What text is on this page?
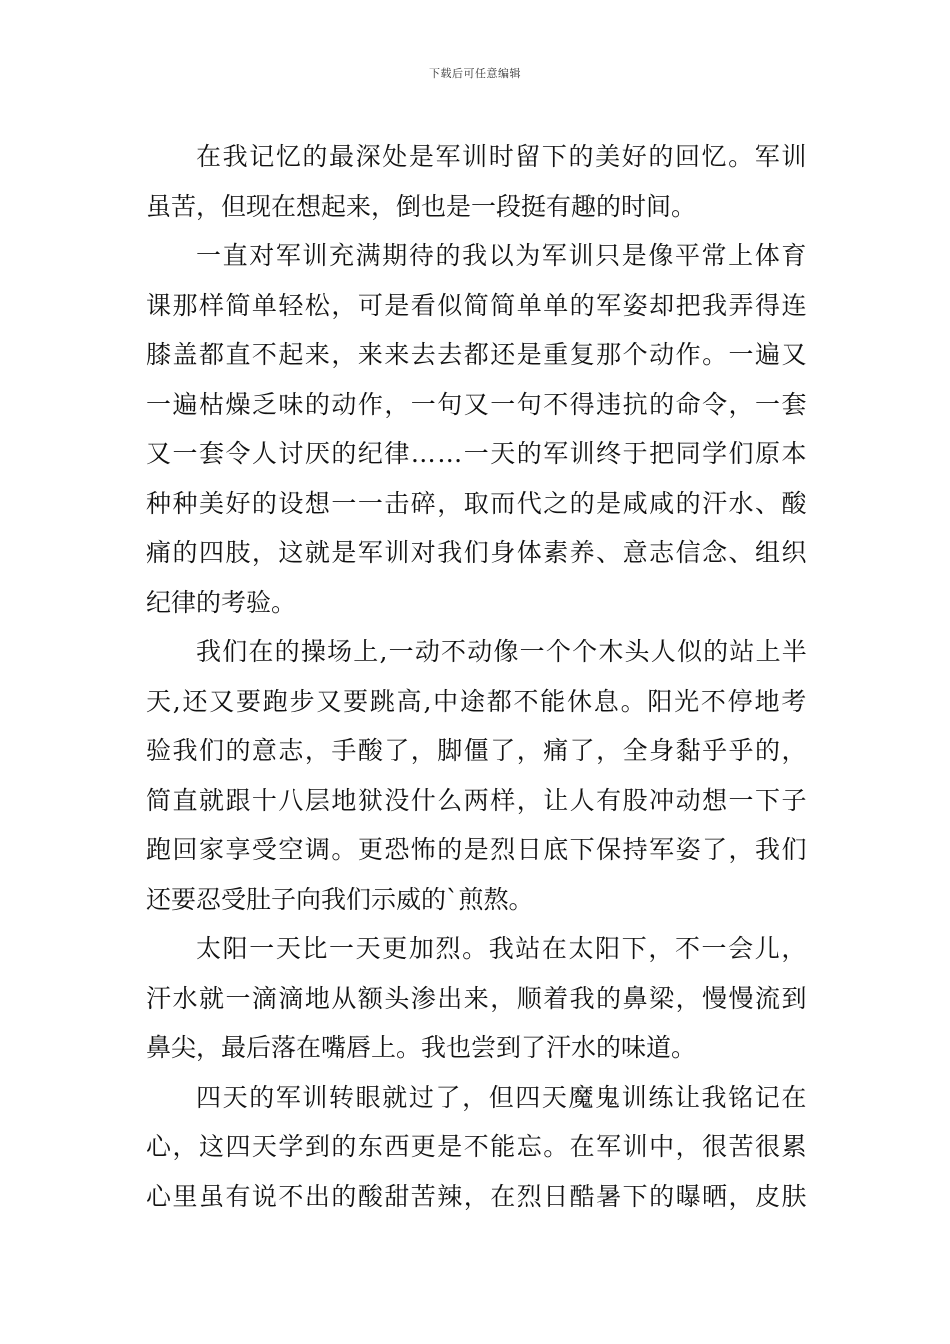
下载后可任意编辑
在我记忆的最深处是军训时留下的美好的回忆。军训
虽苦，但现在想起来，倒也是一段挺有趣的时间。
一直对军训充满期待的我以为军训只是像平常上体育
课那样简单轻松，可是看似简简单单的军姿却把我弄得连
膝盖都直不起来，来来去去都还是重复那个动作。一遍又
一遍枯燥乏味的动作，一句又一句不得违抗的命令，一套
又一套令人讨厌的纪律……一天的军训终于把同学们原本
种种美好的设想一一击碎，取而代之的是咸咸的汗水、酸
痛的四肢，这就是军训对我们身体素养、意志信念、组织
纪律的考验。
我们在的操场上,一动不动像一个个木头人似的站上半
天,还又要跑步又要跳高,中途都不能休息。阳光不停地考
验我们的意志，手酸了，脚僵了，痛了，全身黏乎乎的，
简直就跟十八层地狱没什么两样，让人有股冲动想一下子
跑回家享受空调。更恐怖的是烈日底下保持军姿了，我们
还要忍受肚子向我们示威的`煎熬。
太阳一天比一天更加烈。我站在太阳下，不一会儿，
汗水就一滴滴地从额头渗出来，顺着我的鼻梁，慢慢流到
鼻尖，最后落在嘴唇上。我也尝到了汗水的味道。
四天的军训转眼就过了，但四天魔鬼训练让我铭记在
心，这四天学到的东西更是不能忘。在军训中，很苦很累
心里虽有说不出的酸甜苦辣，在烈日酷暑下的曝晒，皮肤
